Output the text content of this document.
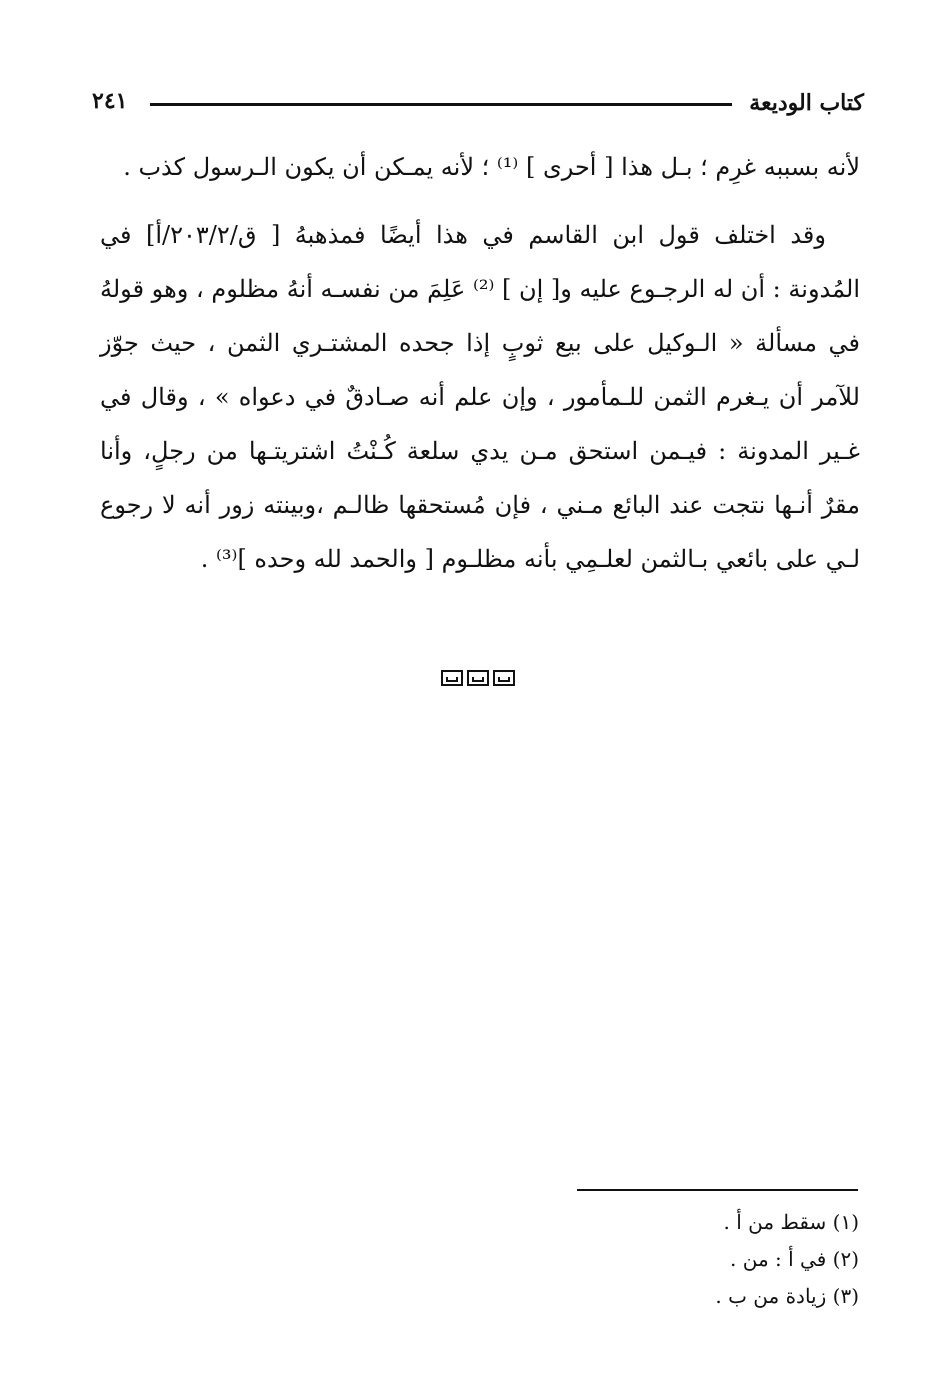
كتاب الوديعة
٢٤١

لأنه بسببه غرِم ؛ بـل هذا [ أحرى ] ⁽¹⁾ ؛ لأنه يمـكن أن يكون الـرسول كذب .

وقد اختلف قول ابن القاسم في هذا أيضًا فمذهبهُ [ ق/٢٠٣/٢/أ] في المُدونة : أن له الرجـوع عليه و[ إن ] ⁽²⁾ عَلِمَ من نفسـه أنهُ مظلوم ، وهو قولهُ في مسألة « الـوكيل على بيع ثوبٍ إذا جحده المشتـري الثمن ، حيث جوّز للآمر أن يـغرم الثمن للـمأمور ، وإن علم أنه صـادقٌ في دعواه » ، وقال في غـير المدونة : فيـمن استحق مـن يدي سلعة كُـنْتُ اشتريتـها من رجلٍ، وأنا مقرٌ أنـها نتجت عند البائع مـني ، فإن مُستحقها ظالـم ،وبينته زور أنه لا رجوع لـي على بائعي بـالثمن لعلـمِي بأنه مظلـوم [ والحمد لله وحده ]⁽³⁾ .

(١) سقط من أ .
(٢) في أ : من .
(٣) زيادة من ب .
